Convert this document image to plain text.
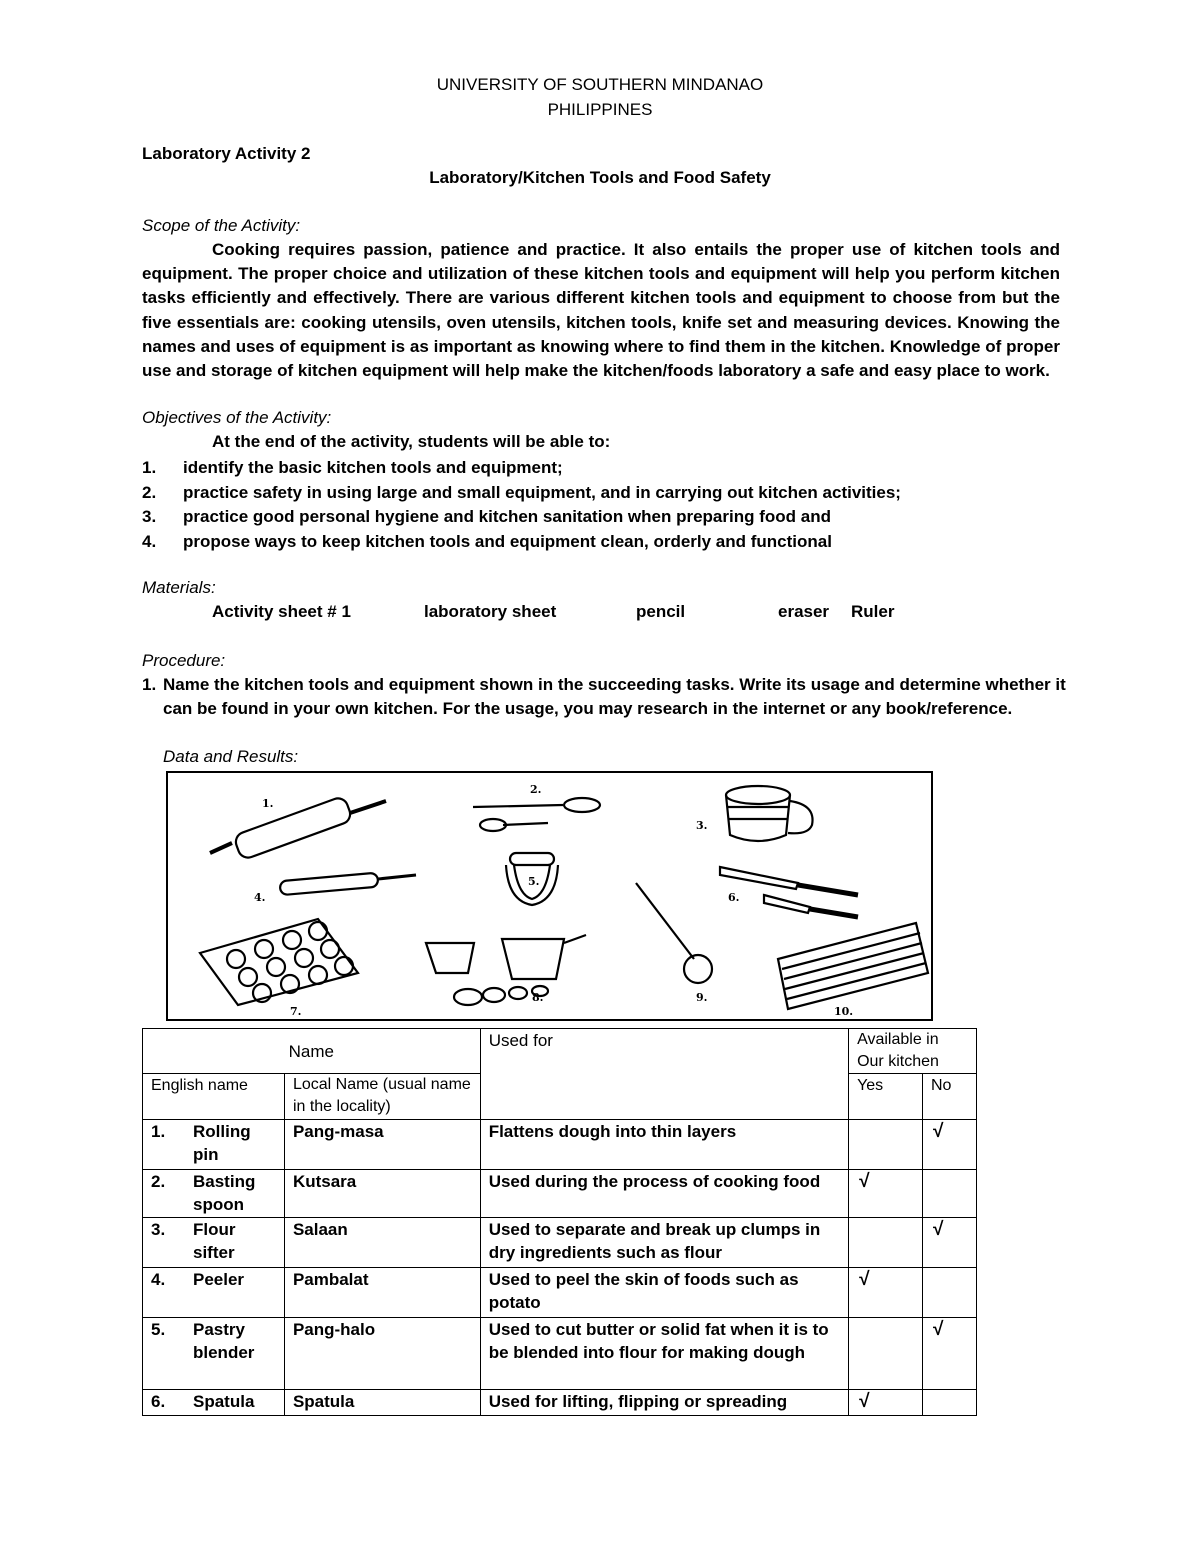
UNIVERSITY OF SOUTHERN MINDANAO
PHILIPPINES
Laboratory Activity 2
Laboratory/Kitchen Tools and Food Safety
Scope of the Activity:
Cooking requires passion, patience and practice. It also entails the proper use of kitchen tools and
equipment. The proper choice and utilization of these kitchen tools and equipment will help you perform kitchen
tasks efficiently and effectively. There are various different kitchen tools and equipment to choose from but the
five essentials are: cooking utensils, oven utensils, kitchen tools, knife set and measuring devices. Knowing the
names and uses of equipment is as important as knowing where to find them in the kitchen. Knowledge of proper
use and storage of kitchen equipment will help make the kitchen/foods laboratory a safe and easy place to work.
Objectives of the Activity:
At the end of the activity, students will be able to:
1.	identify the basic kitchen tools and equipment;
2.	practice safety in using large and small equipment, and in carrying out kitchen activities;
3.	practice good personal hygiene and kitchen sanitation when preparing food and
4.	propose ways to keep kitchen tools and equipment clean, orderly and functional
Materials:
Activity sheet # 1	laboratory sheet	pencil	eraser Ruler
Procedure:
1. Name the kitchen tools and equipment shown in the succeeding tasks. Write its usage and determine whether it
can be found in your own kitchen. For the usage, you may research in the internet or any book/reference.
Data and Results:
1.
2.
3.
4.
5.
6.
7.
8.	9.
10.
Name		Used for	Available in Our kitchen	
English name	Local Name (usual name in the locality)		Yes	No

1. Rolling pin	Pang-masa	Flattens dough into thin layers		√

2. Basting spoon	Kutsara	Used during the process of cooking food	√	

3. Flour sifter	Salaan	Used to separate and break up clumps in dry ingredients such as flour		√

4. Peeler	Pambalat	Used to peel the skin of foods such as potato	√	

5. Pastry blender	Pang-halo	Used to cut butter or solid fat when it is to be blended into flour for making dough		√

6. Spatula	Spatula	Used for lifting, flipping or spreading	√	
